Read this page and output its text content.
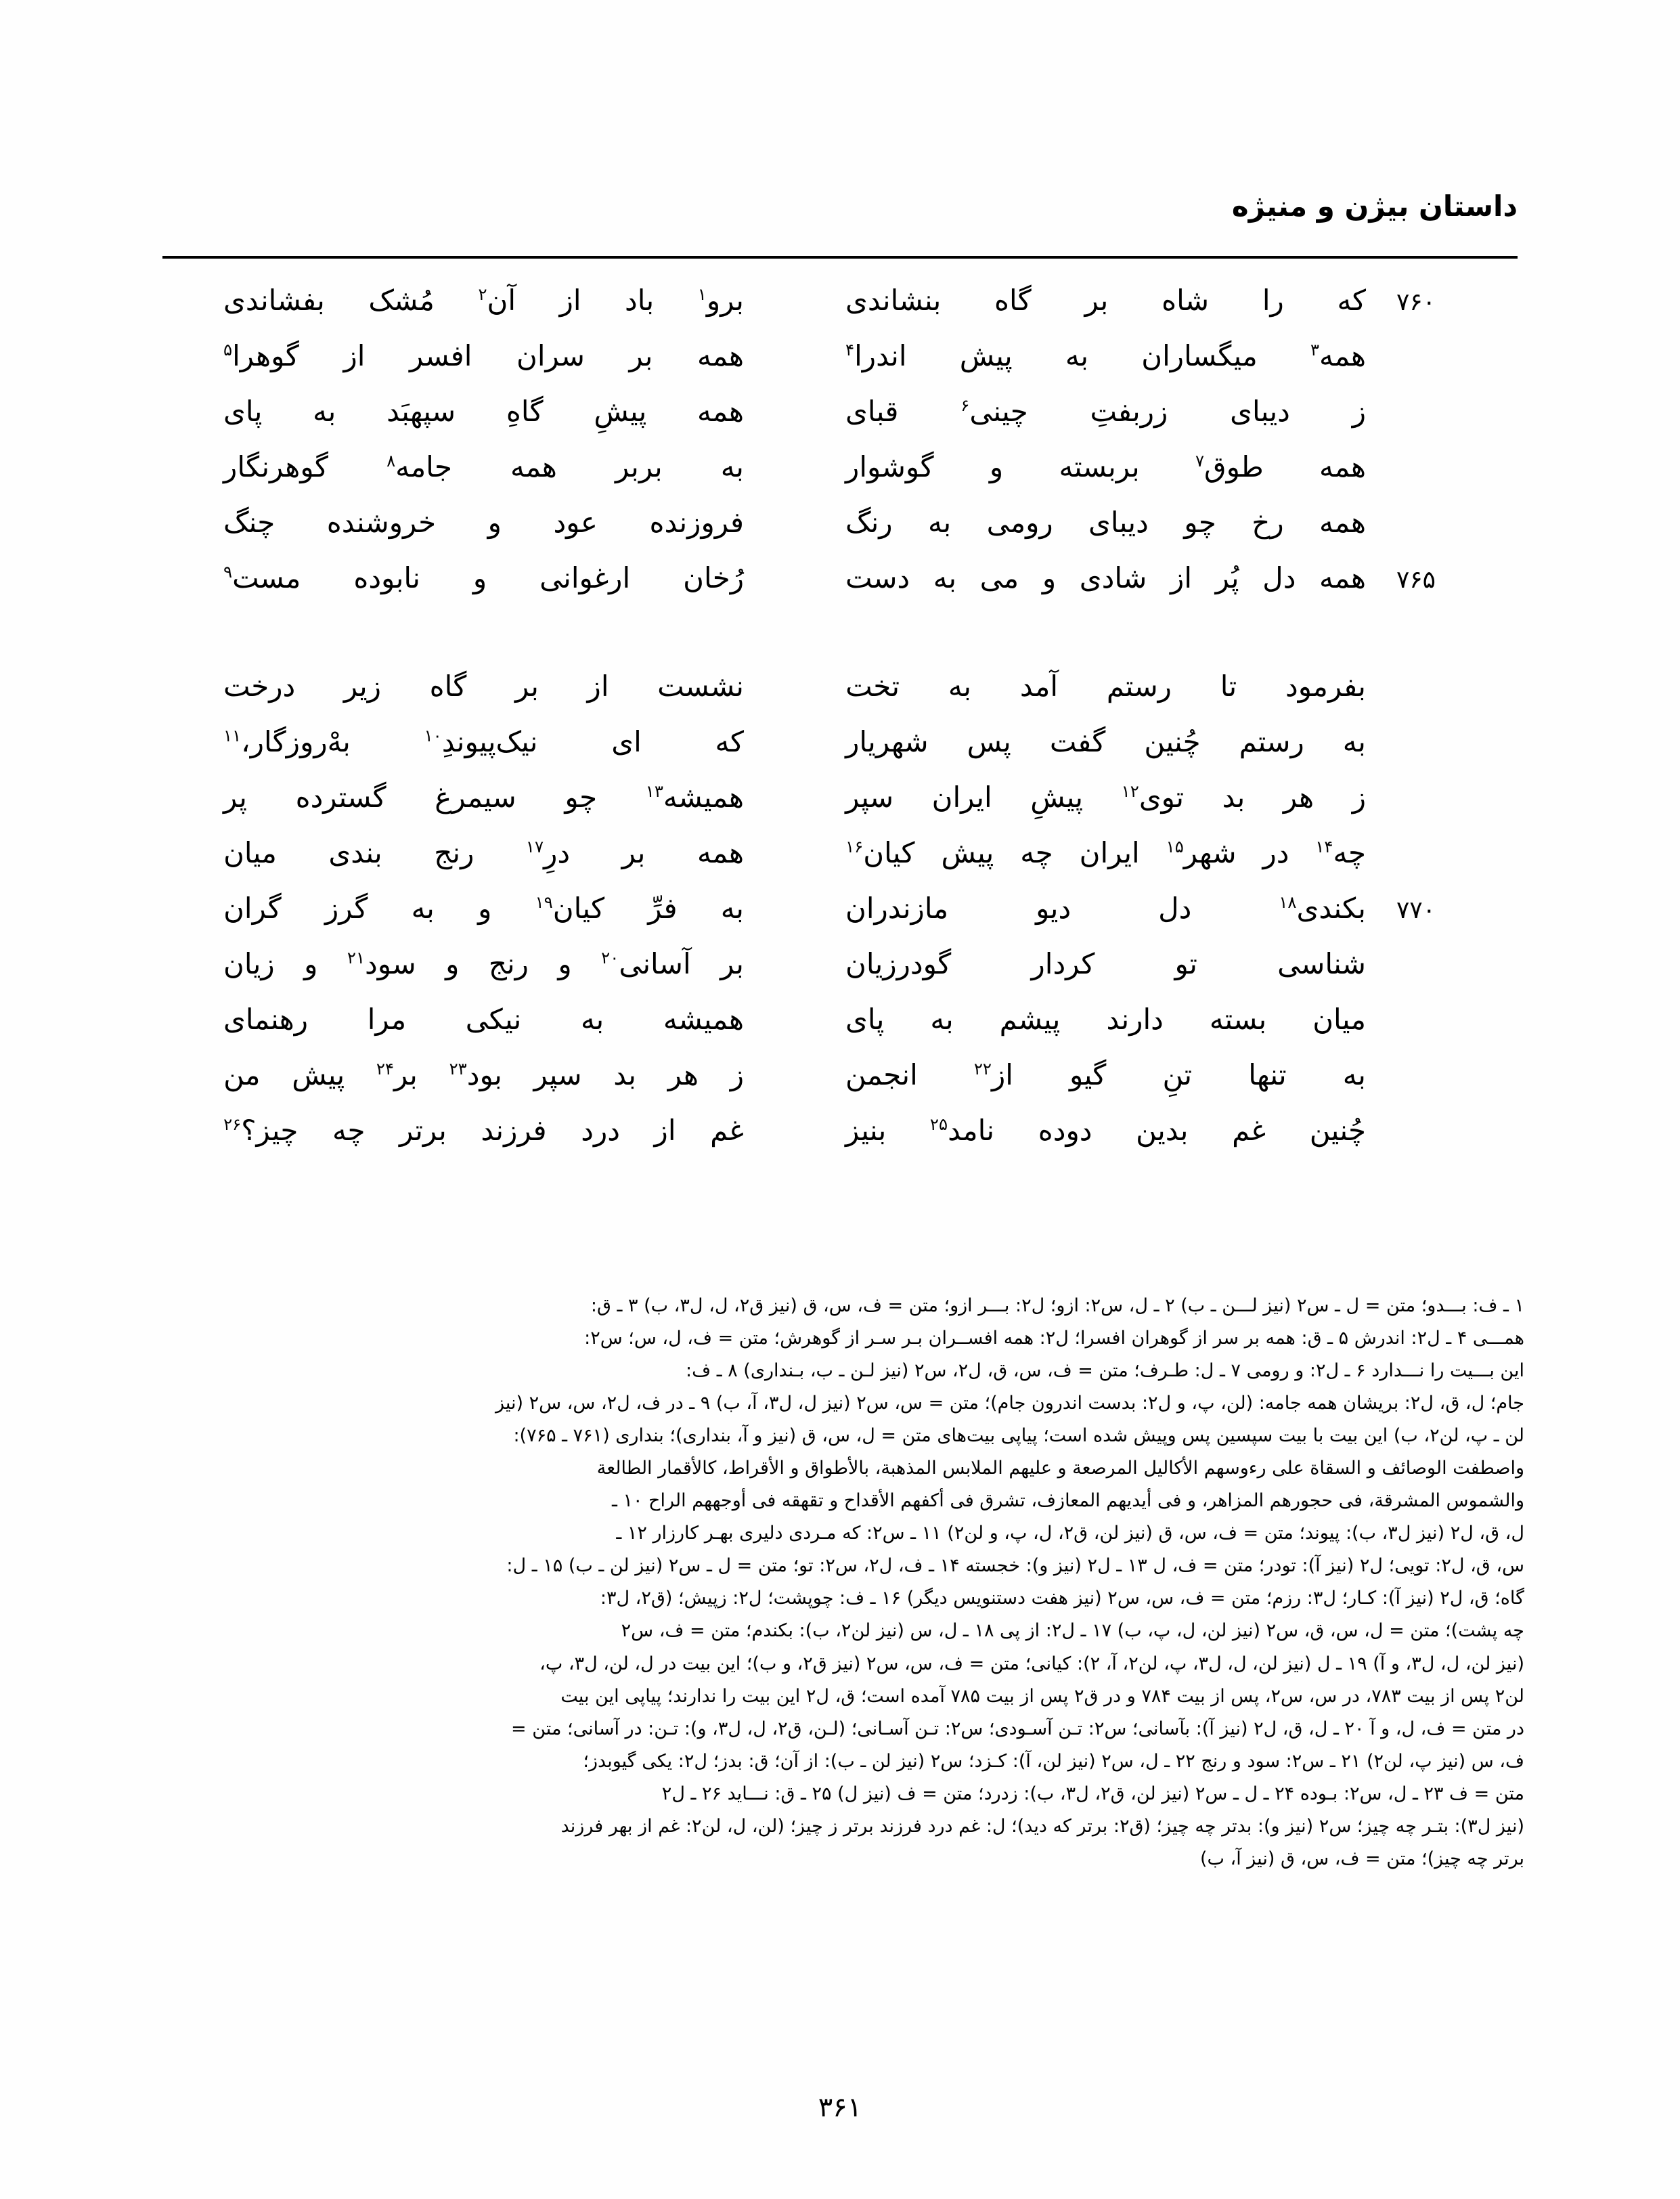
داستان بیژن و منیژه
۷۶۰
که
را
شاه
بر
گاه
بنشاندی
برو$^۱$
باد
از
آن$^۲$
مُشک
بفشاندی
همه$^۳$
میگساران
به
پیش
اندرا$^۴$
همه
بر
سران
افسر
از
گوهرا$^۵$
ز
دیبای
زربفتِ
چینی$^۶$
قبای
همه
پیشِ
گاهِ
سپهبَد
به
پای
همه
طوق$^۷$
بربسته
و
گوشوار
به
بربر
همه
جامه$^۸$
گوهرنگار
همه
رخ
چو
دیبای
رومی
به
رنگ
فروزنده
عود
و
خروشنده
چنگ
۷۶۵
همه
دل
پُر
از
شادی
و
می
به
دست
رُخان
ارغوانی
و
نابوده
مست$^۹$
بفرمود
تا
رستم
آمد
به
تخت
نشست
از
بر
گاه
زیر
درخت
به
رستم
چُنین
گفت
پس
شهریار
که
ای
نیک‌پیوندِ$^{۱۰}$
بهْ‌روزگار،$^{۱۱}$
ز
هر
بد
توی$^{۱۲}$
پیشِ
ایران
سپر
همیشه$^{۱۳}$
چو
سیمرغ
گسترده
پر
چه$^{۱۴}$
در
شهر$^{۱۵}$
ایران
چه
پیش
کیان$^{۱۶}$
همه
بر
درِ$^{۱۷}$
رنج
بندی
میان
۷۷۰
بکندی$^{۱۸}$
دل
دیو
مازندران
به
فرِّ
کیان$^{۱۹}$
و
به
گرز
گران
شناسی
تو
کردار
گودرزیان
بر
آسانی$^{۲۰}$
و
رنج
و
سود$^{۲۱}$
و
زیان
میان
بسته
دارند
پیشم
به
پای
همیشه
به
نیکی
مرا
رهنمای
به
تنها
تنِ
گیو
از$^{۲۲}$
انجمن
ز
هر
بد
سپر
بود$^{۲۳}$
بر$^{۲۴}$
پیش
من
چُنین
غم
بدین
دوده
نامد$^{۲۵}$
بنیز
غم
از
درد
فرزند
برتر
چه
چیز؟$^{۲۶}$
۱ ـ ف: بـــدو؛ متن = ل ـ س٢ (نیز لـــن ـ ب) ۲ ـ ل، س٢: ازو؛ ل٢: بـــر ازو؛ متن = ف، س، ق (نیز ق٢، ل، ل٣، ب) ۳ ـ ق:
همـــی ۴ ـ ل٢: اندرش ۵ ـ ق: همه بر سر از گوهران افسرا؛ ل٢: همه افســران بـر سـر از گوهرش؛ متن = ف، ل، س؛ س٢:
این بـــیت را نـــدارد ۶ ـ ل٢: و رومی ۷ ـ ل: طـرف؛ متن = ف، س، ق، ل٢، س٢ (نیز لـن ـ ب، بـنداری) ۸ ـ ف:
جام؛ ل، ق، ل٢: بریشان همه جامه: (لن، پ، و ل٢: بدست اندرون جام)؛ متن = س، س٢ (نیز ل، ل٣، آ، ب) ۹ ـ در ف، ل٢، س، س٢ (نیز
لن ـ پ، لن٢، ب) این بیت با بیت سپسین پس وپیش شده است؛ پیاپی بیت‌های متن = ل، س، ق (نیز و آ، بنداری)؛ بنداری (۷۶۱ ـ ۷۶۵):
واصطفت الوصائف و السقاة علی رءوسهم الأکالیل المرصعة و علیهم الملابس المذهبة، بالأطواق و الأقراط، کالأقمار الطالعة
والشموس المشرقة، فی حجورهم المزاهر، و فی أیدیهم المعازف، تشرق فی أکفهم الأقداح و تقهقه فی أوجههم الراح ۱۰ ـ
ل، ق، ل٢ (نیز ل٣، ب): پیوند؛ متن = ف، س، ق (نیز لن، ق٢، ل، پ، و لن٢) ۱۱ ـ س٢: که مـردی دلیری بهـر کارزار ۱۲ ـ
س، ق، ل٢: تویی؛ ل٢ (نیز آ): تودر؛ متن = ف، ل ۱۳ ـ ل٢ (نیز و): خجسته ۱۴ ـ ف، ل٢، س٢: تو؛ متن = ل ـ س٢ (نیز لن ـ ب) ۱۵ ـ ل:
گاه؛ ق، ل٢ (نیز آ): کـار؛ ل٣: رزم؛ متن = ف، س، س٢ (نیز هفت دستنویس دیگر) ۱۶ ـ ف: چوپشت؛ ل٢: زپیش؛ (ق٢، ل٣:
چه پشت)؛ متن = ل، س، ق، س٢ (نیز لن، ل، پ، ب) ۱۷ ـ ل٢: از پی ۱۸ ـ ل، س (نیز لن٢، ب): بکندم؛ متن = ف، س٢
(نیز لن، ل، ل٣، و آ) ۱۹ ـ ل (نیز لن، ل، ل٣، پ، لن٢، آ، ٢): کیانی؛ متن = ف، س، س٢ (نیز ق٢، و ب)؛ این بیت در ل، لن، ل٣، پ،
لن٢ پس از بیت ۷۸۳، در س، س٢، پس از بیت ۷۸۴ و در ق٢ پس از بیت ۷۸۵ آمده است؛ ق، ل٢ این بیت را ندارند؛ پیاپی این بیت
در متن = ف، ل، و آ ۲۰ ـ ل، ق، ل٢ (نیز آ): بآسانی؛ س٢: تـن آسـودی؛ س٢: تـن آسـانی؛ (لـن، ق٢، ل، ل٣، و): تـن: در آسانی؛ متن =
ف، س (نیز پ، لن٢) ۲۱ ـ س٢: سود و رنج ۲۲ ـ ل، س٢ (نیز لن، آ): کـزد؛ س٢ (نیز لن ـ ب): از آن؛ ق: بدز؛ ل٢: یکی گیوبدز؛
متن = ف ۲۳ ـ ل، س٢: بـوده ۲۴ ـ ل ـ س٢ (نیز لن، ق٢، ل٣، ب): زدرد؛ متن = ف (نیز ل) ۲۵ ـ ق: نـــاید ۲۶ ـ ل٢
(نیز ل٣): بتـر چه چیز؛ س٢ (نیز و): بدتر چه چیز؛ (ق٢: برتر که دید)؛ ل: غم درد فرزند برتر ز چیز؛ (لن، ل، لن٢: غم از بهر فرزند
برتر چه چیز)؛ متن = ف، س، ق (نیز آ، ب)
۳۶۱
